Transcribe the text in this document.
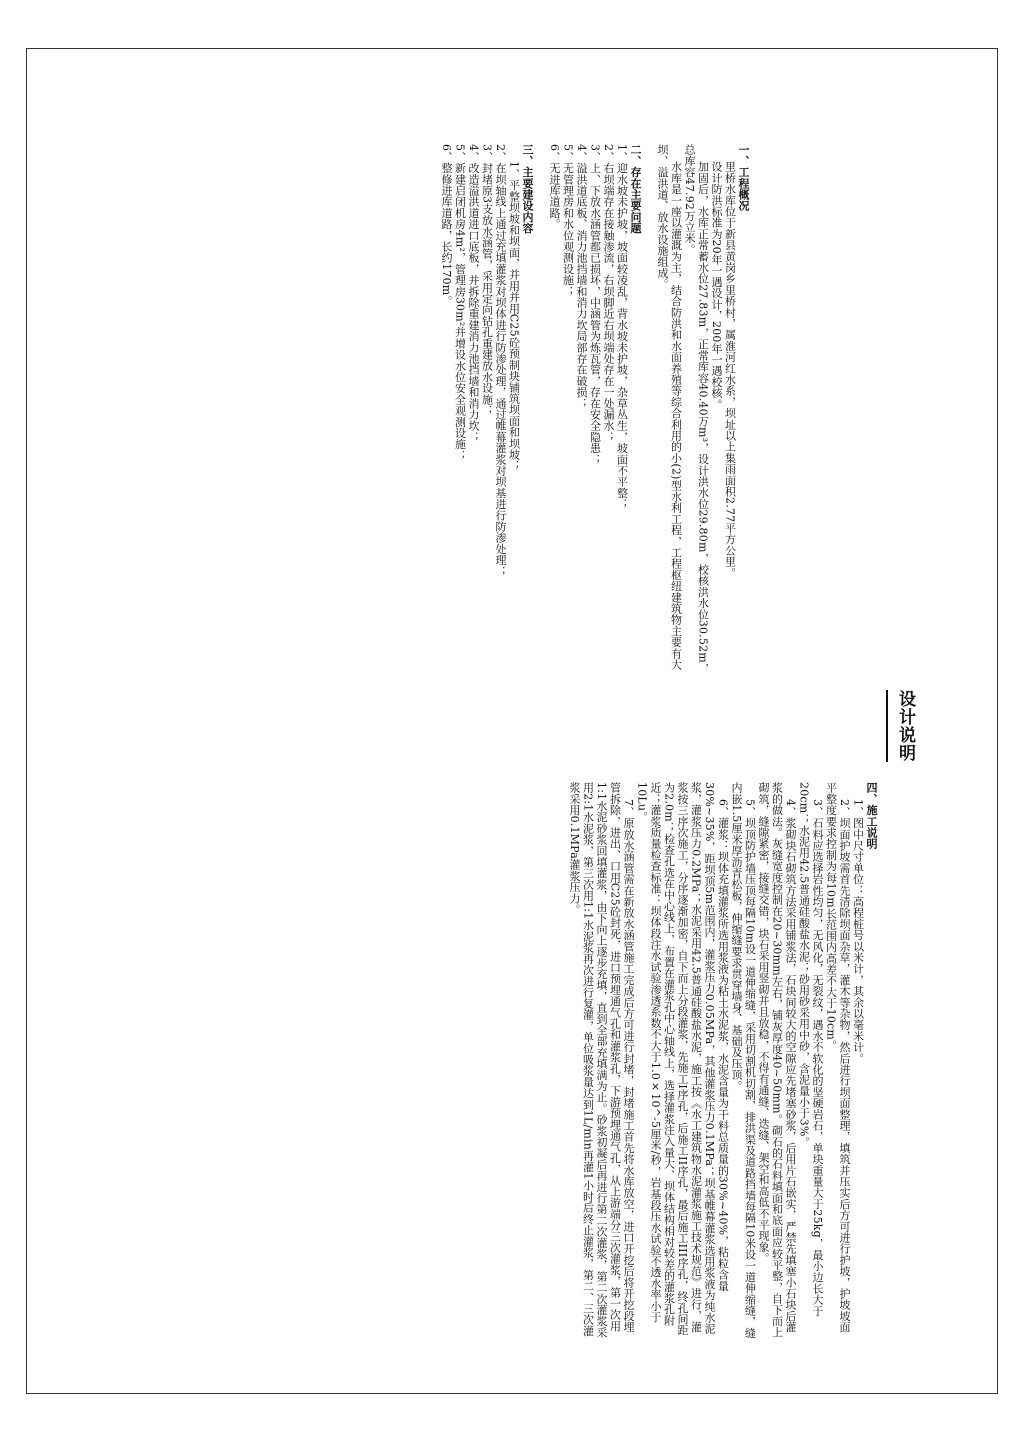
设计说明

四、施工说明

1、图中尺寸单位：高程桩号以米计，其余以毫米计。

2、坝面护坡需首先清除坝面杂草，灌木等杂物，然后进行坝面整理，填筑并压实后方可进行护坡，护坡坡面平整度要求控制为每10m长范围内高差不大于10cm。

3、石料应选择岩性均匀，无风化，无裂纹，遇水不软化的坚硬岩石，单块重量大于25kg，最小边长大于20cm；水泥用42.5普通硅酸盐水泥；砂用砂采用中砂，含泥量小于3%。

4、浆砌块石砌筑方法采用铺浆法，石块间较大的空隙应先堵塞砂浆，后用片石嵌实，严禁先填塞小石块后灌浆的做法。灰缝宽度控制在20~30mm左右，铺灰厚度40~50mm。砌石的石料填面和底面应较平整，自下而上砌筑，缝隙紧密，接缝交错，块石采用竖砌并且放稳，不得有通缝、迭缝、架空和高低不平现象。

5、坝顶防护墙压顶每隔10m设一道伸缩缝，采用切割机切割，排洪渠及道路挡墙每隔10米设一道伸缩缝，缝内嵌1.5厘米厚沥青松板，伸缩缝要求贯穿墙身、基础及压顶。

6、灌浆：坝体充填灌浆所选用浆液为粘土水泥浆，水泥含量为干料总质量的30%~40%，粘粒含量30%~35%，距坝顶5m范围内，灌浆压力0.05MPa，其他灌浆压力0.1MPa；坝基帷幕灌浆选用浆液为纯水泥浆，灌浆压力0.2MPa；水泥采用42.5普通硅酸盐水泥，施工按《水工建筑物水泥灌浆施工技术规范》进行，灌浆按三序次施工，分序逐渐加密，自下而上分段灌浆，先施工I序孔，后施工II序孔，最后施工III序孔，终孔间距为2.0m；检查孔选在中心线上，布置在灌浆孔中心轴线上，选择灌浆注入量大、坝体结构相对较差的灌浆孔附近；灌浆质量检查标准：坝体段注水试验渗透系数不大于1.0×10^-5厘米/秒，岩基段压水试验不透水率小于10Lu。

7、原放水涵管需在新放水涵管施工完成后方可进行封堵，封堵施工首先将水库放空，进口开挖后将开挖段埋管拆除，进出、口用C25砼封死，进口预埋通气孔和灌浆孔，下游预埋通气孔，从上游端分三次灌浆，第一次用1:1水泥砂浆回填灌浆，由下向上逐步充填，直到全部充填满为止。砂浆初凝后再进行第二次灌浆，第二次灌浆采用2:1水泥浆，第三次用1:1水泥浆再次进行复灌，单位吸浆量达到1L/min再灌1小时后终止灌浆，第二、三次灌浆采用0.1MPa灌浆压力。

一、工程概况

里桥水库位于新县黄岗乡里桥村，属淮河红水系，坝址以上集雨面积2.77平方公里。

设计防洪标准为20年一遇设计，200年一遇校核。

加固后，水库正常蓄水位27.83m，正常库容40.40万m³，设计洪水位29.80m，校核洪水位30.52m，总库容47.92万立米。

水库是一座以灌溉为主，结合防洪和水面养殖等综合利用的小(2)型水利工程，工程枢纽建筑物主要有大坝、溢洪道、放水设施组成。

二、存在主要问题

1、迎水坡未护坡，坡面较凌乱，背水坡未护坡，杂草丛生，坡面不平整；

2、右坝端存在接触渗流，右坝脚近右坝端处存在一处漏水；

3、上、下放水涵管都已损坏，中涵管为炼瓦管，存在安全隐患；

4、溢洪道底板、消力池挡墙和消力坎局部存在破损；

5、无管理房和水位观测设施；

6、无进库道路。

三、主要建设内容

1、平整坝坡和坝面，并用并用C25砼预制块铺筑坝面和坝坡；

2、在坝轴线上通过充填灌浆对坝体进行防渗处理，通过帷幕灌浆对坝基进行防渗处理；

3、封堵原3支放水涵管，采用定向钻孔重建放水设施；

4、改造溢洪道进口底板，并拆除重建消力池挡墙和消力坎；

5、新建启闭机房4m²，管理房30m²并增设水位安全观测设施；

6、整修进库道路，长约170m。
